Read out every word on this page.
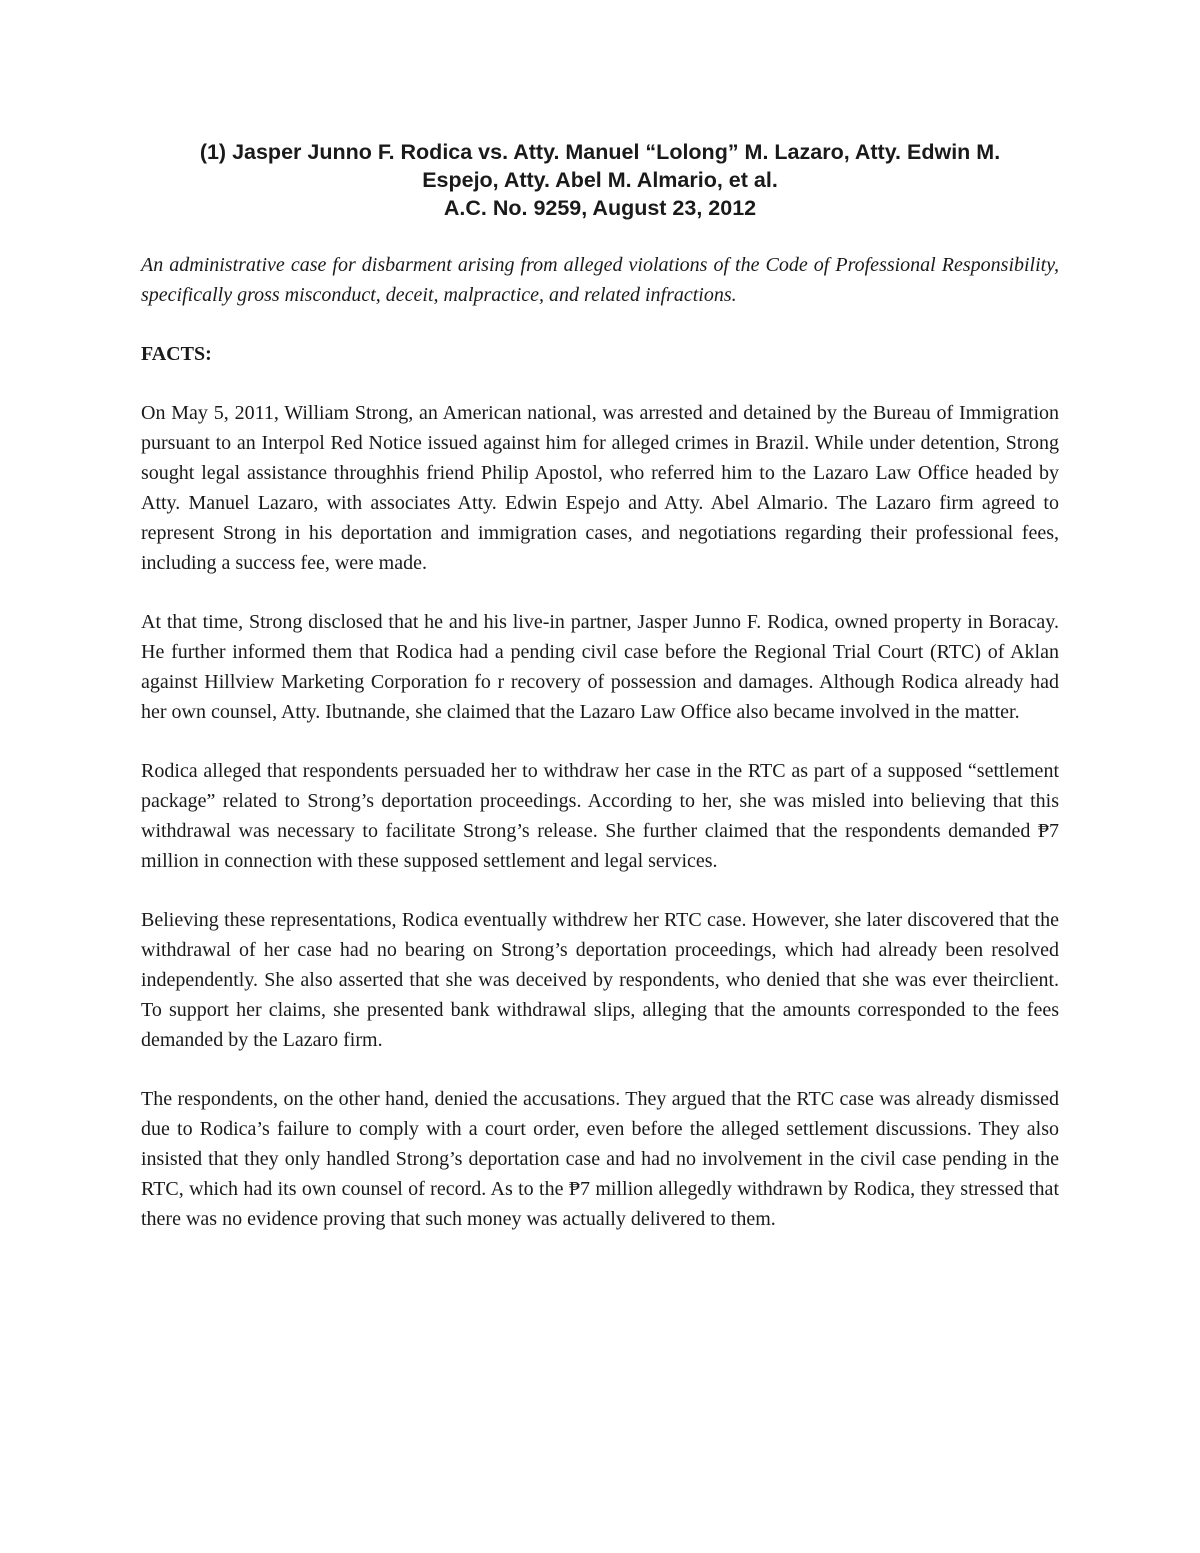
(1) Jasper Junno F. Rodica vs. Atty. Manuel “Lolong” M. Lazaro, Atty. Edwin M.
Espejo, Atty. Abel M. Almario, et al.
A.C. No. 9259, August 23, 2012

An administrative case for disbarment arising from alleged violations of the Code of Professional Responsibility, specifically gross misconduct, deceit, malpractice, and related infractions.

FACTS:

On May 5, 2011, William Strong, an American national, was arrested and detained by the Bureau of Immigration pursuant to an Interpol Red Notice issued against him for alleged crimes in Brazil. While under detention, Strong sought legal assistance throughhis friend Philip Apostol, who referred him to the Lazaro Law Office headed by Atty. Manuel Lazaro, with associates Atty. Edwin Espejo and Atty. Abel Almario. The Lazaro firm agreed to represent Strong in his deportation and immigration cases, and negotiations regarding their professional fees, including a success fee, were made.

At that time, Strong disclosed that he and his live-in partner, Jasper Junno F. Rodica, owned property in Boracay. He further informed them that Rodica had a pending civil case before the Regional Trial Court (RTC) of Aklan against Hillview Marketing Corporation fo r recovery of possession and damages. Although Rodica already had her own counsel, Atty. Ibutnande, she claimed that the Lazaro Law Office also became involved in the matter.

Rodica alleged that respondents persuaded her to withdraw her case in the RTC as part of a supposed “settlement package” related to Strong’s deportation proceedings. According to her, she was misled into believing that this withdrawal was necessary to facilitate Strong’s release. She further claimed that the respondents demanded ₱7 million in connection with these supposed settlement and legal services.

Believing these representations, Rodica eventually withdrew her RTC case. However, she later discovered that the withdrawal of her case had no bearing on Strong’s deportation proceedings, which had already been resolved independently. She also asserted that she was deceived by respondents, who denied that she was ever theirclient. To support her claims, she presented bank withdrawal slips, alleging that the amounts corresponded to the fees demanded by the Lazaro firm.

The respondents, on the other hand, denied the accusations. They argued that the RTC case was already dismissed due to Rodica’s failure to comply with a court order, even before the alleged settlement discussions. They also insisted that they only handled Strong’s deportation case and had no involvement in the civil case pending in the RTC, which had its own counsel of record. As to the ₱7 million allegedly withdrawn by Rodica, they stressed that there was no evidence proving that such money was actually delivered to them.
